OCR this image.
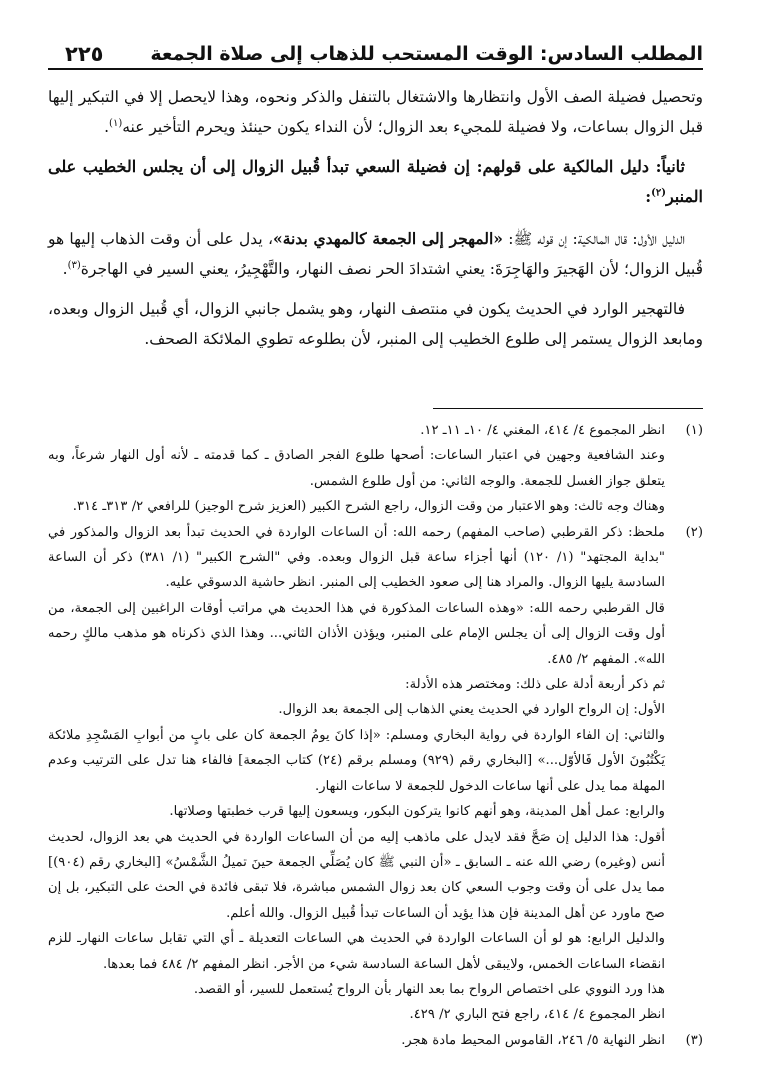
المطلب السادس: الوقت المستحب للذهاب إلى صلاة الجمعة
٢٢٥

وتحصيل فضيلة الصف الأول وانتظارها والاشتغال بالتنفل والذكر ونحوه، وهذا لايحصل إلا في التبكير إليها قبل الزوال بساعات، ولا فضيلة للمجيء بعد الزوال؛ لأن النداء يكون حينئذ ويحرم التأخير عنه$^{(١)}$.

ثانياً: دليل المالكية على قولهم: إن فضيلة السعي تبدأ قُبيل الزوال إلى أن يجلس الخطيب على المنبر$^{(٢)}$:

الدليل الأول: قال المالكية: إن قوله ﷺ: «المهجر إلى الجمعة كالمهدي بدنة»، يدل على أن وقت الذهاب إليها هو قُبيل الزوال؛ لأن الهَجيرَ والهَاجِرَةَ: يعني اشتدادَ الحر نصف النهار، والتَّهْجِيرُ، يعني السير في الهاجرة$^{(٣)}$.

فالتهجير الوارد في الحديث يكون في منتصف النهار، وهو يشمل جانبي الزوال، أي قُبيل الزوال وبعده، ومابعد الزوال يستمر إلى طلوع الخطيب إلى المنبر، لأن بطلوعه تطوي الملائكة الصحف.

(١)

انظر المجموع ٤/ ٤١٤، المغني ٤/ ١٠ـ ١١ـ ١٢.

وعند الشافعية وجهين في اعتبار الساعات: أصحها طلوع الفجر الصادق ـ كما قدمته ـ لأنه أول النهار شرعاً، وبه يتعلق جواز الغسل للجمعة. والوجه الثاني: من أول طلوع الشمس.

وهناك وجه ثالث: وهو الاعتبار من وقت الزوال، راجع الشرح الكبير (العزيز شرح الوجيز) للرافعي ٢/ ٣١٣ـ ٣١٤.

(٢)

ملحظ: ذكر القرطبي (صاحب المفهم) رحمه الله: أن الساعات الواردة في الحديث تبدأ بعد الزوال والمذكور في "بداية المجتهد" (١/ ١٢٠) أنها أجزاء ساعة قبل الزوال وبعده. وفي "الشرح الكبير" (١/ ٣٨١) ذكر أن الساعة السادسة يليها الزوال. والمراد هنا إلى صعود الخطيب إلى المنبر. انظر حاشية الدسوقي عليه.

قال القرطبي رحمه الله: «وهذه الساعات المذكورة في هذا الحديث هي مراتب أوقات الراغبين إلى الجمعة، من أول وقت الزوال إلى أن يجلس الإمام على المنبر، ويؤذن الأذان الثاني... وهذا الذي ذكرناه هو مذهب مالكٍ رحمه الله». المفهم ٢/ ٤٨٥.

ثم ذكر أربعة أدلة على ذلك: ومختصر هذه الأدلة:

الأول: إن الرواح الوارد في الحديث يعني الذهاب إلى الجمعة بعد الزوال.

والثاني: إن الفاء الواردة في رواية البخاري ومسلم: «إذا كانَ يومُ الجمعة كان على بابٍ من أبوابِ المَسْجِدِ ملائكة يَكْتُبُونَ الأول فَالأوّل...» [البخاري رقم (٩٢٩) ومسلم برقم (٢٤) كتاب الجمعة] فالفاء هنا تدل على الترتيب وعدم المهلة مما يدل على أنها ساعات الدخول للجمعة لا ساعات النهار.

والرابع: عمل أهل المدينة، وهو أنهم كانوا يتركون البكور، ويسعون إليها قرب خطبتها وصلاتها.

أقول: هذا الدليل إن صَحَّ فقد لايدل على ماذهب إليه من أن الساعات الواردة في الحديث هي بعد الزوال، لحديث أنس (وغيره) رضي الله عنه ـ السابق ـ «أن النبي ﷺ كان يُصَلِّي الجمعة حينَ تميلُ الشَّمْسُ» [البخاري رقم (٩٠٤)] مما يدل على أن وقت وجوب السعي كان بعد زوال الشمس مباشرة، فلا تبقى فائدة في الحث على التبكير، بل إن صح ماورد عن أهل المدينة فإن هذا يؤيد أن الساعات تبدأ قُبيل الزوال. والله أعلم.

والدليل الرابع: هو لو أن الساعات الواردة في الحديث هي الساعات التعديلة ـ أي التي تقابل ساعات النهارـ للزم انقضاء الساعات الخمس، ولايبقى لأهل الساعة السادسة شيء من الأجر. انظر المفهم ٢/ ٤٨٤ فما بعدها.

هذا ورد النووي على اختصاص الرواح بما بعد النهار بأن الرواح يُستعمل للسير، أو القصد.

انظر المجموع ٤/ ٤١٤، راجع فتح الباري ٢/ ٤٢٩.

(٣)

انظر النهاية ٥/ ٢٤٦، القاموس المحيط مادة هجر.
